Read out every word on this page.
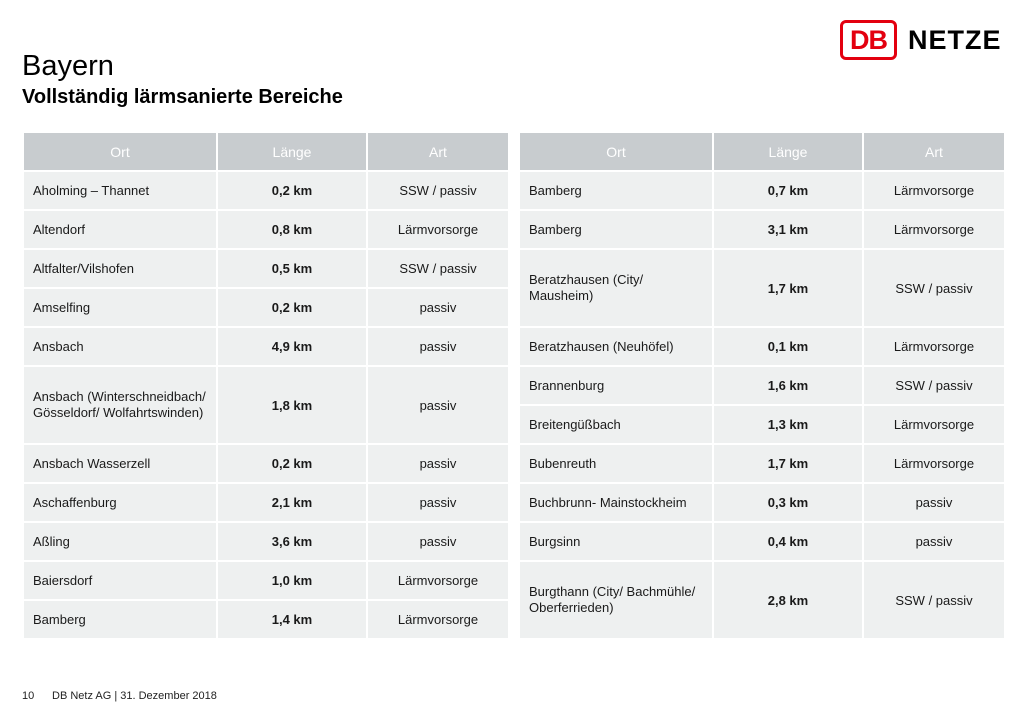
Bayern
Vollständig lärmsanierte Bereiche
DB NETZE
Ort	Länge	Art
Aholming – Thannet	0,2 km	SSW / passiv
Altendorf	0,8 km	Lärmvorsorge
Altfalter/Vilshofen	0,5 km	SSW / passiv
Amselfing	0,2 km	passiv
Ansbach	4,9 km	passiv
Ansbach (Winterschneidbach/ Gösseldorf/ Wolfahrtswinden)	1,8 km	passiv
Ansbach Wasserzell	0,2 km	passiv
Aschaffenburg	2,1 km	passiv
Aßling	3,6 km	passiv
Baiersdorf	1,0 km	Lärmvorsorge
Bamberg	1,4 km	Lärmvorsorge
Ort	Länge	Art
Bamberg	0,7 km	Lärmvorsorge
Bamberg	3,1 km	Lärmvorsorge
Beratzhausen (City/ Mausheim)	1,7 km	SSW / passiv
Beratzhausen (Neuhöfel)	0,1 km	Lärmvorsorge
Brannenburg	1,6 km	SSW / passiv
Breitengüßbach	1,3 km	Lärmvorsorge
Bubenreuth	1,7 km	Lärmvorsorge
Buchbrunn- Mainstockheim	0,3 km	passiv
Burgsinn	0,4 km	passiv
Burgthann (City/ Bachmühle/ Oberferrieden)	2,8 km	SSW / passiv
10 DB Netz AG | 31. Dezember 2018
